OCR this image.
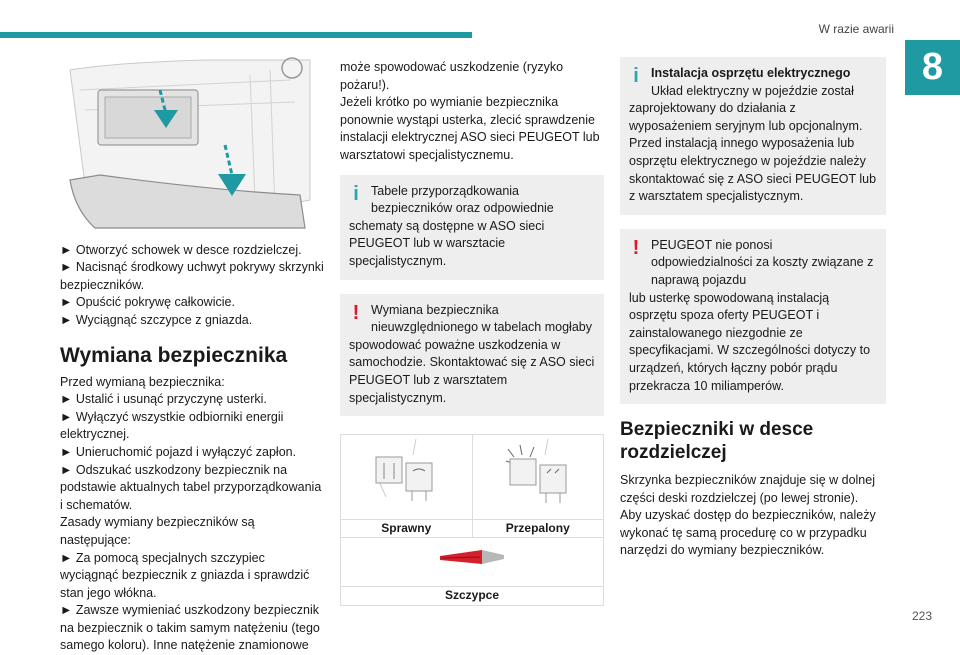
W razie awarii
8

► Otworzyć schowek w desce rozdzielczej.

► Nacisnąć środkowy uchwyt pokrywy skrzynki bezpieczników.

► Opuścić pokrywę całkowicie.

► Wyciągnąć szczypce z gniazda.

Wymiana bezpiecznika

Przed wymianą bezpiecznika:

► Ustalić i usunąć przyczynę usterki.

► Wyłączyć wszystkie odbiorniki energii elektrycznej.

► Unieruchomić pojazd i wyłączyć zapłon.

► Odszukać uszkodzony bezpiecznik na podstawie aktualnych tabel przyporządkowania i schematów.

Zasady wymiany bezpieczników są następujące:

► Za pomocą specjalnych szczypiec wyciągnąć bezpiecznik z gniazda i sprawdzić stan jego włókna.

► Zawsze wymieniać uszkodzony bezpiecznik na bezpiecznik o takim samym natężeniu (tego samego koloru). Inne natężenie znamionowe

może spowodować uszkodzenie (ryzyko pożaru!).

Jeżeli krótko po wymianie bezpiecznika ponownie wystąpi usterka, zlecić sprawdzenie instalacji elektrycznej ASO sieci PEUGEOT lub warsztatowi specjalistycznemu.

i Tabele przyporządkowania bezpieczników oraz odpowiednie

schematy są dostępne w ASO sieci PEUGEOT lub w warsztacie specjalistycznym.

! Wymiana bezpiecznika nieuwzględnionego w tabelach mogłaby

spowodować poważne uszkodzenia w samochodzie. Skontaktować się z ASO sieci PEUGEOT lub z warsztatem specjalistycznym.

Sprawny	Przepalony

Szczypce	
i Instalacja osprzętu elektrycznego

Układ elektryczny w pojeździe został

zaprojektowany do działania z wyposażeniem seryjnym lub opcjonalnym.

Przed instalacją innego wyposażenia lub osprzętu elektrycznego w pojeździe należy skontaktować się z ASO sieci PEUGEOT lub z warsztatem specjalistycznym.

! PEUGEOT nie ponosi odpowiedzialności za koszty związane z naprawą pojazdu

lub usterkę spowodowaną instalacją osprzętu spoza oferty PEUGEOT i zainstalowanego niezgodnie ze specyfikacjami. W szczególności dotyczy to urządzeń, których łączny pobór prądu przekracza 10 miliamperów.

Bezpieczniki w desce rozdzielczej

Skrzynka bezpieczników znajduje się w dolnej części deski rozdzielczej (po lewej stronie).

Aby uzyskać dostęp do bezpieczników, należy wykonać tę samą procedurę co w przypadku narzędzi do wymiany bezpieczników.

223
